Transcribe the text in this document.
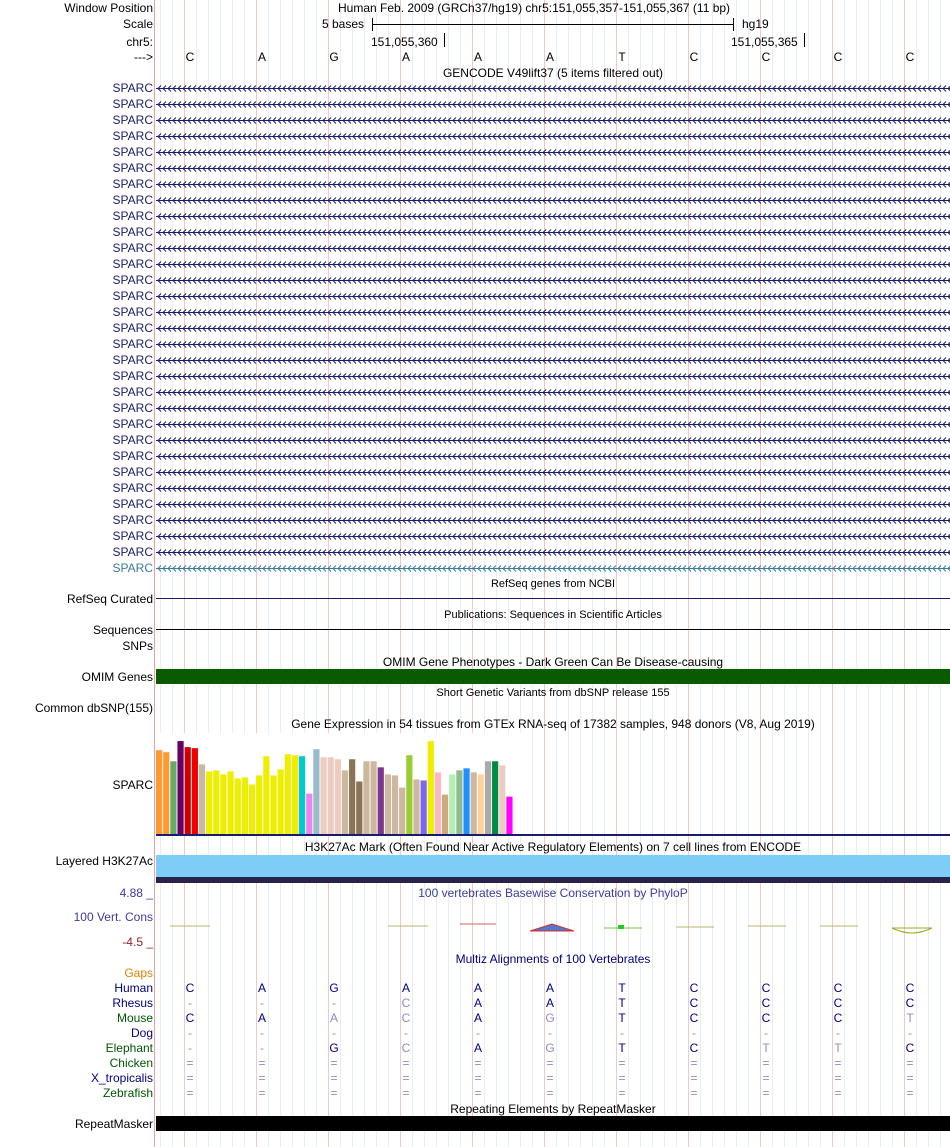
Window Position	Human Feb. 2009 (GRCh37/hg19) chr5:151,055,357-151,055,367 (11 bp)
Scale	5 bases	hg19
chr5:	151,055,360	151,055,365
--->
GENCODE V49lift37 (5 items filtered out)
RefSeq genes from NCBI
RefSeq Curated
Publications: Sequences in Scientific Articles
Sequences
SNPs
OMIM Gene Phenotypes - Dark Green Can Be Disease-causing
OMIM Genes
Short Genetic Variants from dbSNP release 155
Common dbSNP(155)
Gene Expression in 54 tissues from GTEx RNA-seq of 17382 samples, 948 donors (V8, Aug 2019)
SPARC
H3K27Ac Mark (Often Found Near Active Regulatory Elements) on 7 cell lines from ENCODE
Layered H3K27Ac
100 vertebrates Basewise Conservation by PhyloP
4.88 _
100 Vert. Cons
-4.5 _
Multiz Alignments of 100 Vertebrates
Gaps
Repeating Elements by RepeatMasker
RepeatMasker
C	A	G	A	A	A	T	C	C	C	C
SPARC
SPARC
SPARC
SPARC
SPARC
SPARC
SPARC
SPARC
SPARC
SPARC
SPARC
SPARC
SPARC
SPARC
SPARC
SPARC
SPARC
SPARC
SPARC
SPARC
SPARC
SPARC
SPARC
SPARC
SPARC
SPARC
SPARC
SPARC
SPARC
SPARC
SPARC
Human	C	A	G	A	A	A	T	C	C	C	C
Rhesus	-	-	-	C	A	A	T	C	C	C	C
Mouse	C	A	A	C	A	G	T	C	C	C	T
Dog	-	-	-	-	-	-	-	-	-	-	-
Elephant	-	-	G	C	A	G	T	C	T	T	C
Chicken	=	=	=	=	=	=	=	=	=	=	=
X_tropicalis	=	=	=	=	=	=	=	=	=	=	=
Zebrafish	=	=	=	=	=	=	=	=	=	=	=
